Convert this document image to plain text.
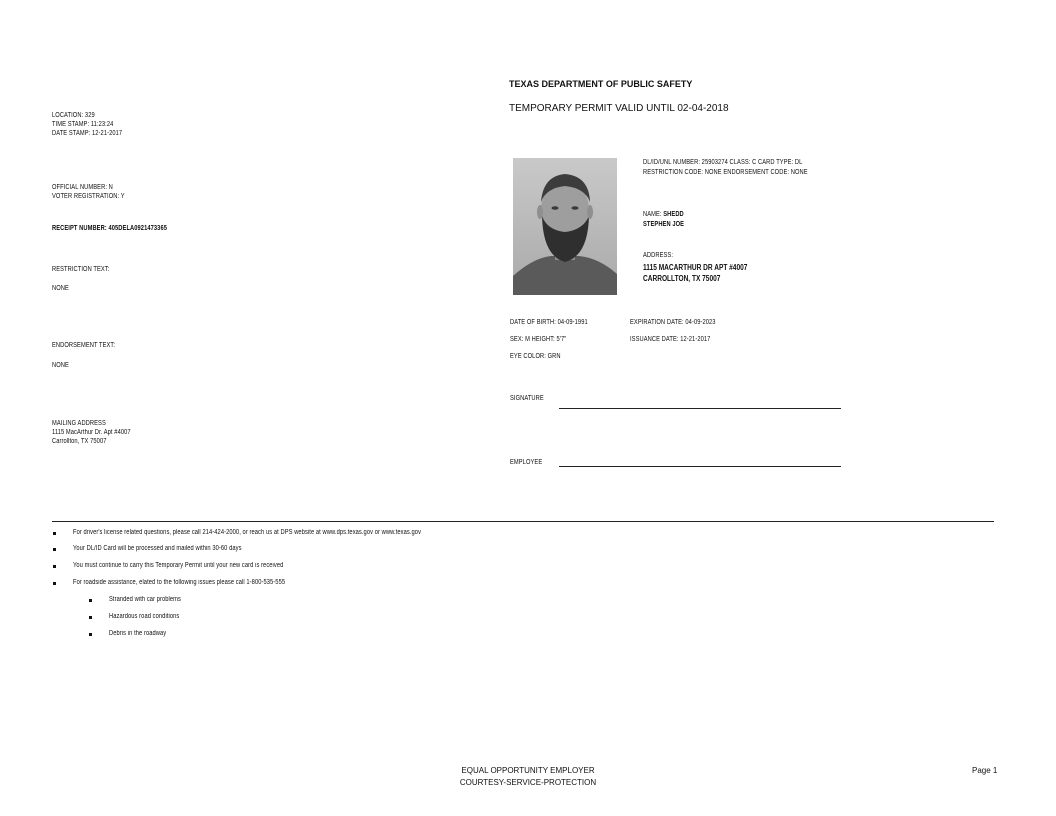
TEXAS DEPARTMENT OF PUBLIC SAFETY
TEMPORARY PERMIT VALID UNTIL 02-04-2018
LOCATION: 329
TIME STAMP: 11:23:24
DATE STAMP: 12-21-2017
OFFICIAL NUMBER: N
VOTER REGISTRATION: Y
RECEIPT NUMBER: 405DELA0921473365
RESTRICTION TEXT:
NONE
ENDORSEMENT TEXT:
NONE
MAILING ADDRESS
1115 MacArthur Dr. Apt #4007
Carrollton, TX 75007
DL/ID/UNL NUMBER: 25903274 CLASS: C CARD TYPE: DL
RESTRICTION CODE: NONE ENDORSEMENT CODE: NONE
NAME: SHEDD
STEPHEN JOE
ADDRESS:
1115 MACARTHUR DR APT #4007
CARROLLTON, TX 75007
DATE OF BIRTH: 04-09-1991	EXPIRATION DATE: 04-09-2023
SEX: M HEIGHT: 5'7"	ISSUANCE DATE: 12-21-2017
EYE COLOR: GRN
SIGNATURE
EMPLOYEE
For driver's license related questions, please call 214-424-2000, or reach us at DPS website at www.dps.texas.gov or www.texas.gov
Your DL/ID Card will be processed and mailed within 30-60 days
You must continue to carry this Temporary Permit until your new card is received
For roadside assistance, elated to the following issues please call 1-800-535-555
Stranded with car problems
Hazardous road conditions
Debris in the roadway
EQUAL OPPORTUNITY EMPLOYER
COURTESY-SERVICE-PROTECTION
Page 1
